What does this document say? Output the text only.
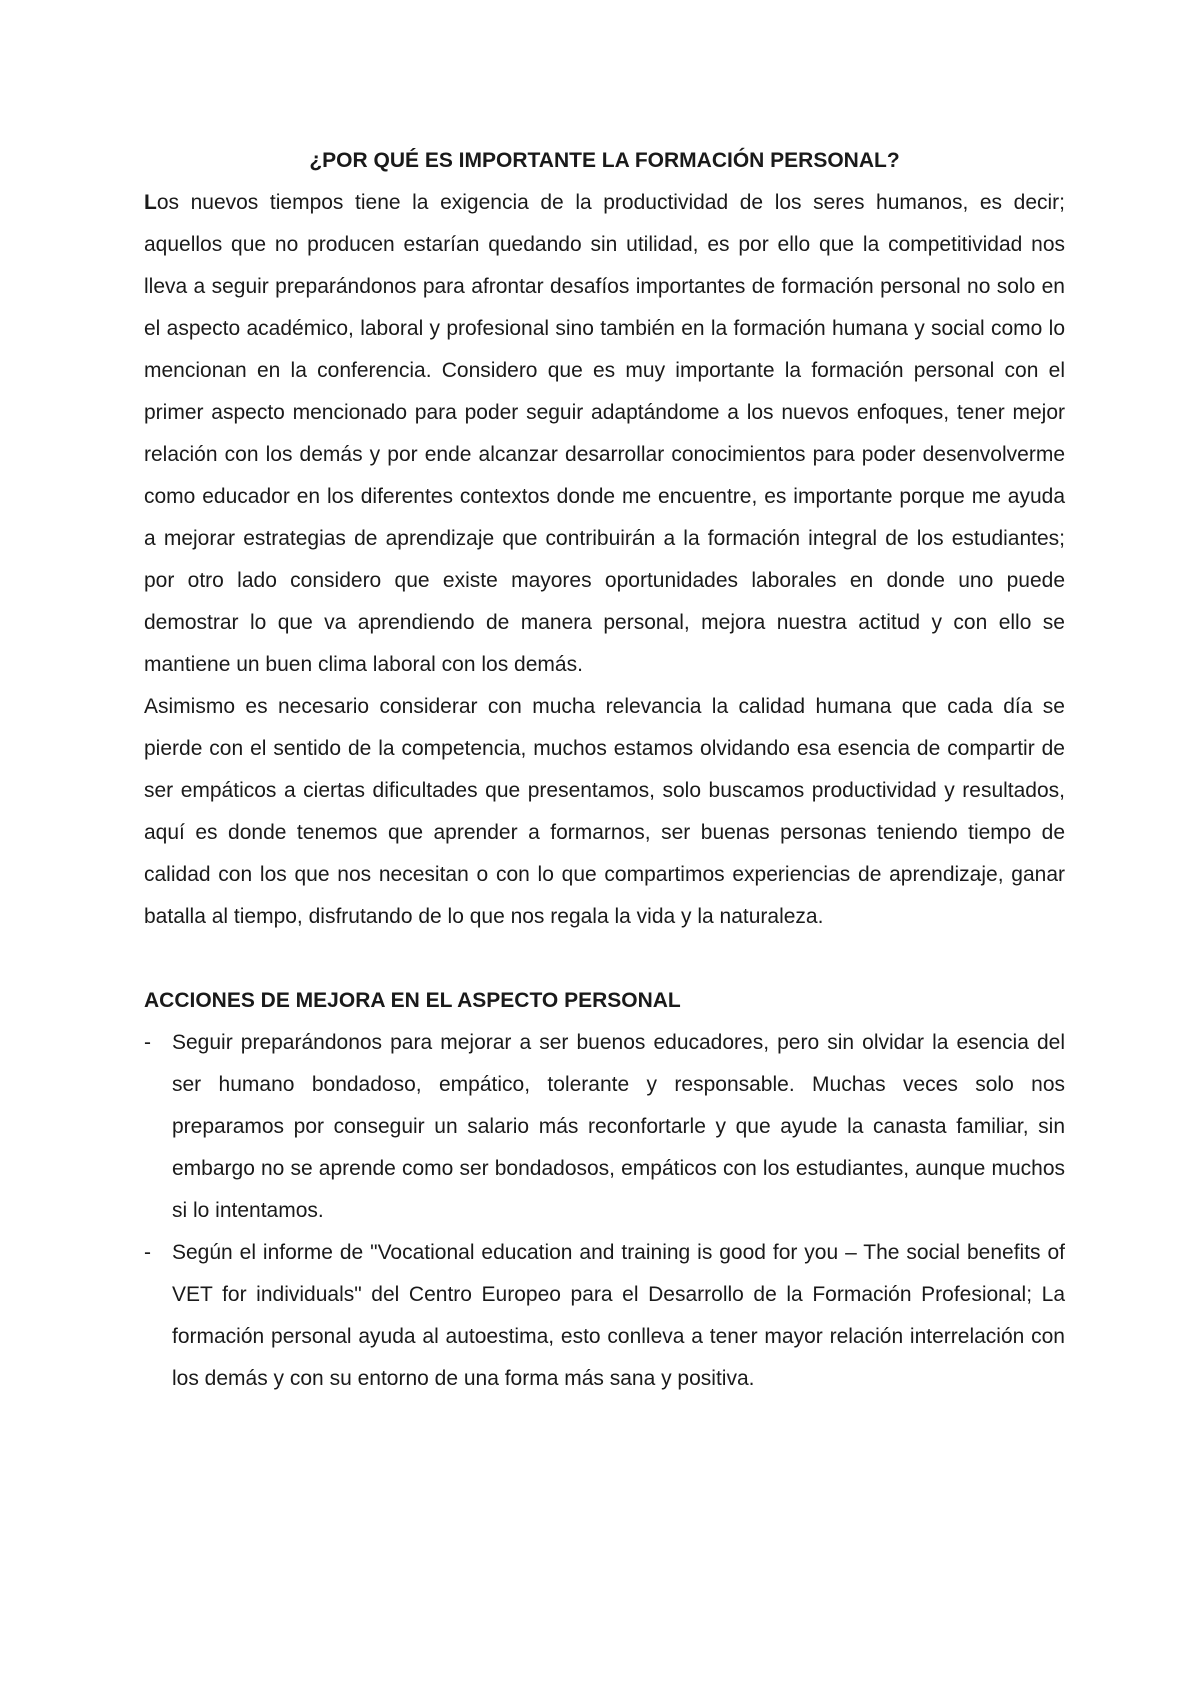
¿POR QUÉ ES IMPORTANTE LA FORMACIÓN PERSONAL?

Los nuevos tiempos tiene la exigencia de la productividad de los seres humanos, es decir; aquellos que no producen estarían quedando sin utilidad, es por ello que la competitividad nos lleva a seguir preparándonos para afrontar desafíos importantes de formación personal no solo en el aspecto académico, laboral y profesional sino también en la formación humana y social como lo mencionan en la conferencia. Considero que es muy importante la formación personal con el primer aspecto mencionado para poder seguir adaptándome a los nuevos enfoques, tener mejor relación con los demás y por ende alcanzar desarrollar conocimientos para poder desenvolverme como educador en los diferentes contextos donde me encuentre, es importante porque me ayuda a mejorar estrategias de aprendizaje que contribuirán a la formación integral de los estudiantes; por otro lado considero que existe mayores oportunidades laborales en donde uno puede demostrar lo que va aprendiendo de manera personal, mejora nuestra actitud y con ello se mantiene un buen clima laboral con los demás.

Asimismo es necesario considerar con mucha relevancia la calidad humana que cada día se pierde con el sentido de la competencia, muchos estamos olvidando esa esencia de compartir de ser empáticos a ciertas dificultades que presentamos, solo buscamos productividad y resultados, aquí es donde tenemos que aprender a formarnos, ser buenas personas teniendo tiempo de calidad con los que nos necesitan o con lo que compartimos experiencias de aprendizaje, ganar batalla al tiempo, disfrutando de lo que nos regala la vida y la naturaleza.

ACCIONES DE MEJORA EN EL ASPECTO PERSONAL
- Seguir preparándonos para mejorar a ser buenos educadores, pero sin olvidar la esencia del ser humano bondadoso, empático, tolerante y responsable. Muchas veces solo nos preparamos por conseguir un salario más reconfortarle y que ayude la canasta familiar, sin embargo no se aprende como ser bondadosos, empáticos con los estudiantes, aunque muchos si lo intentamos.
- Según el informe de "Vocational education and training is good for you – The social benefits of VET for individuals" del Centro Europeo para el Desarrollo de la Formación Profesional; La formación personal ayuda al autoestima, esto conlleva a tener mayor relación interrelación con los demás y con su entorno de una forma más sana y positiva.
